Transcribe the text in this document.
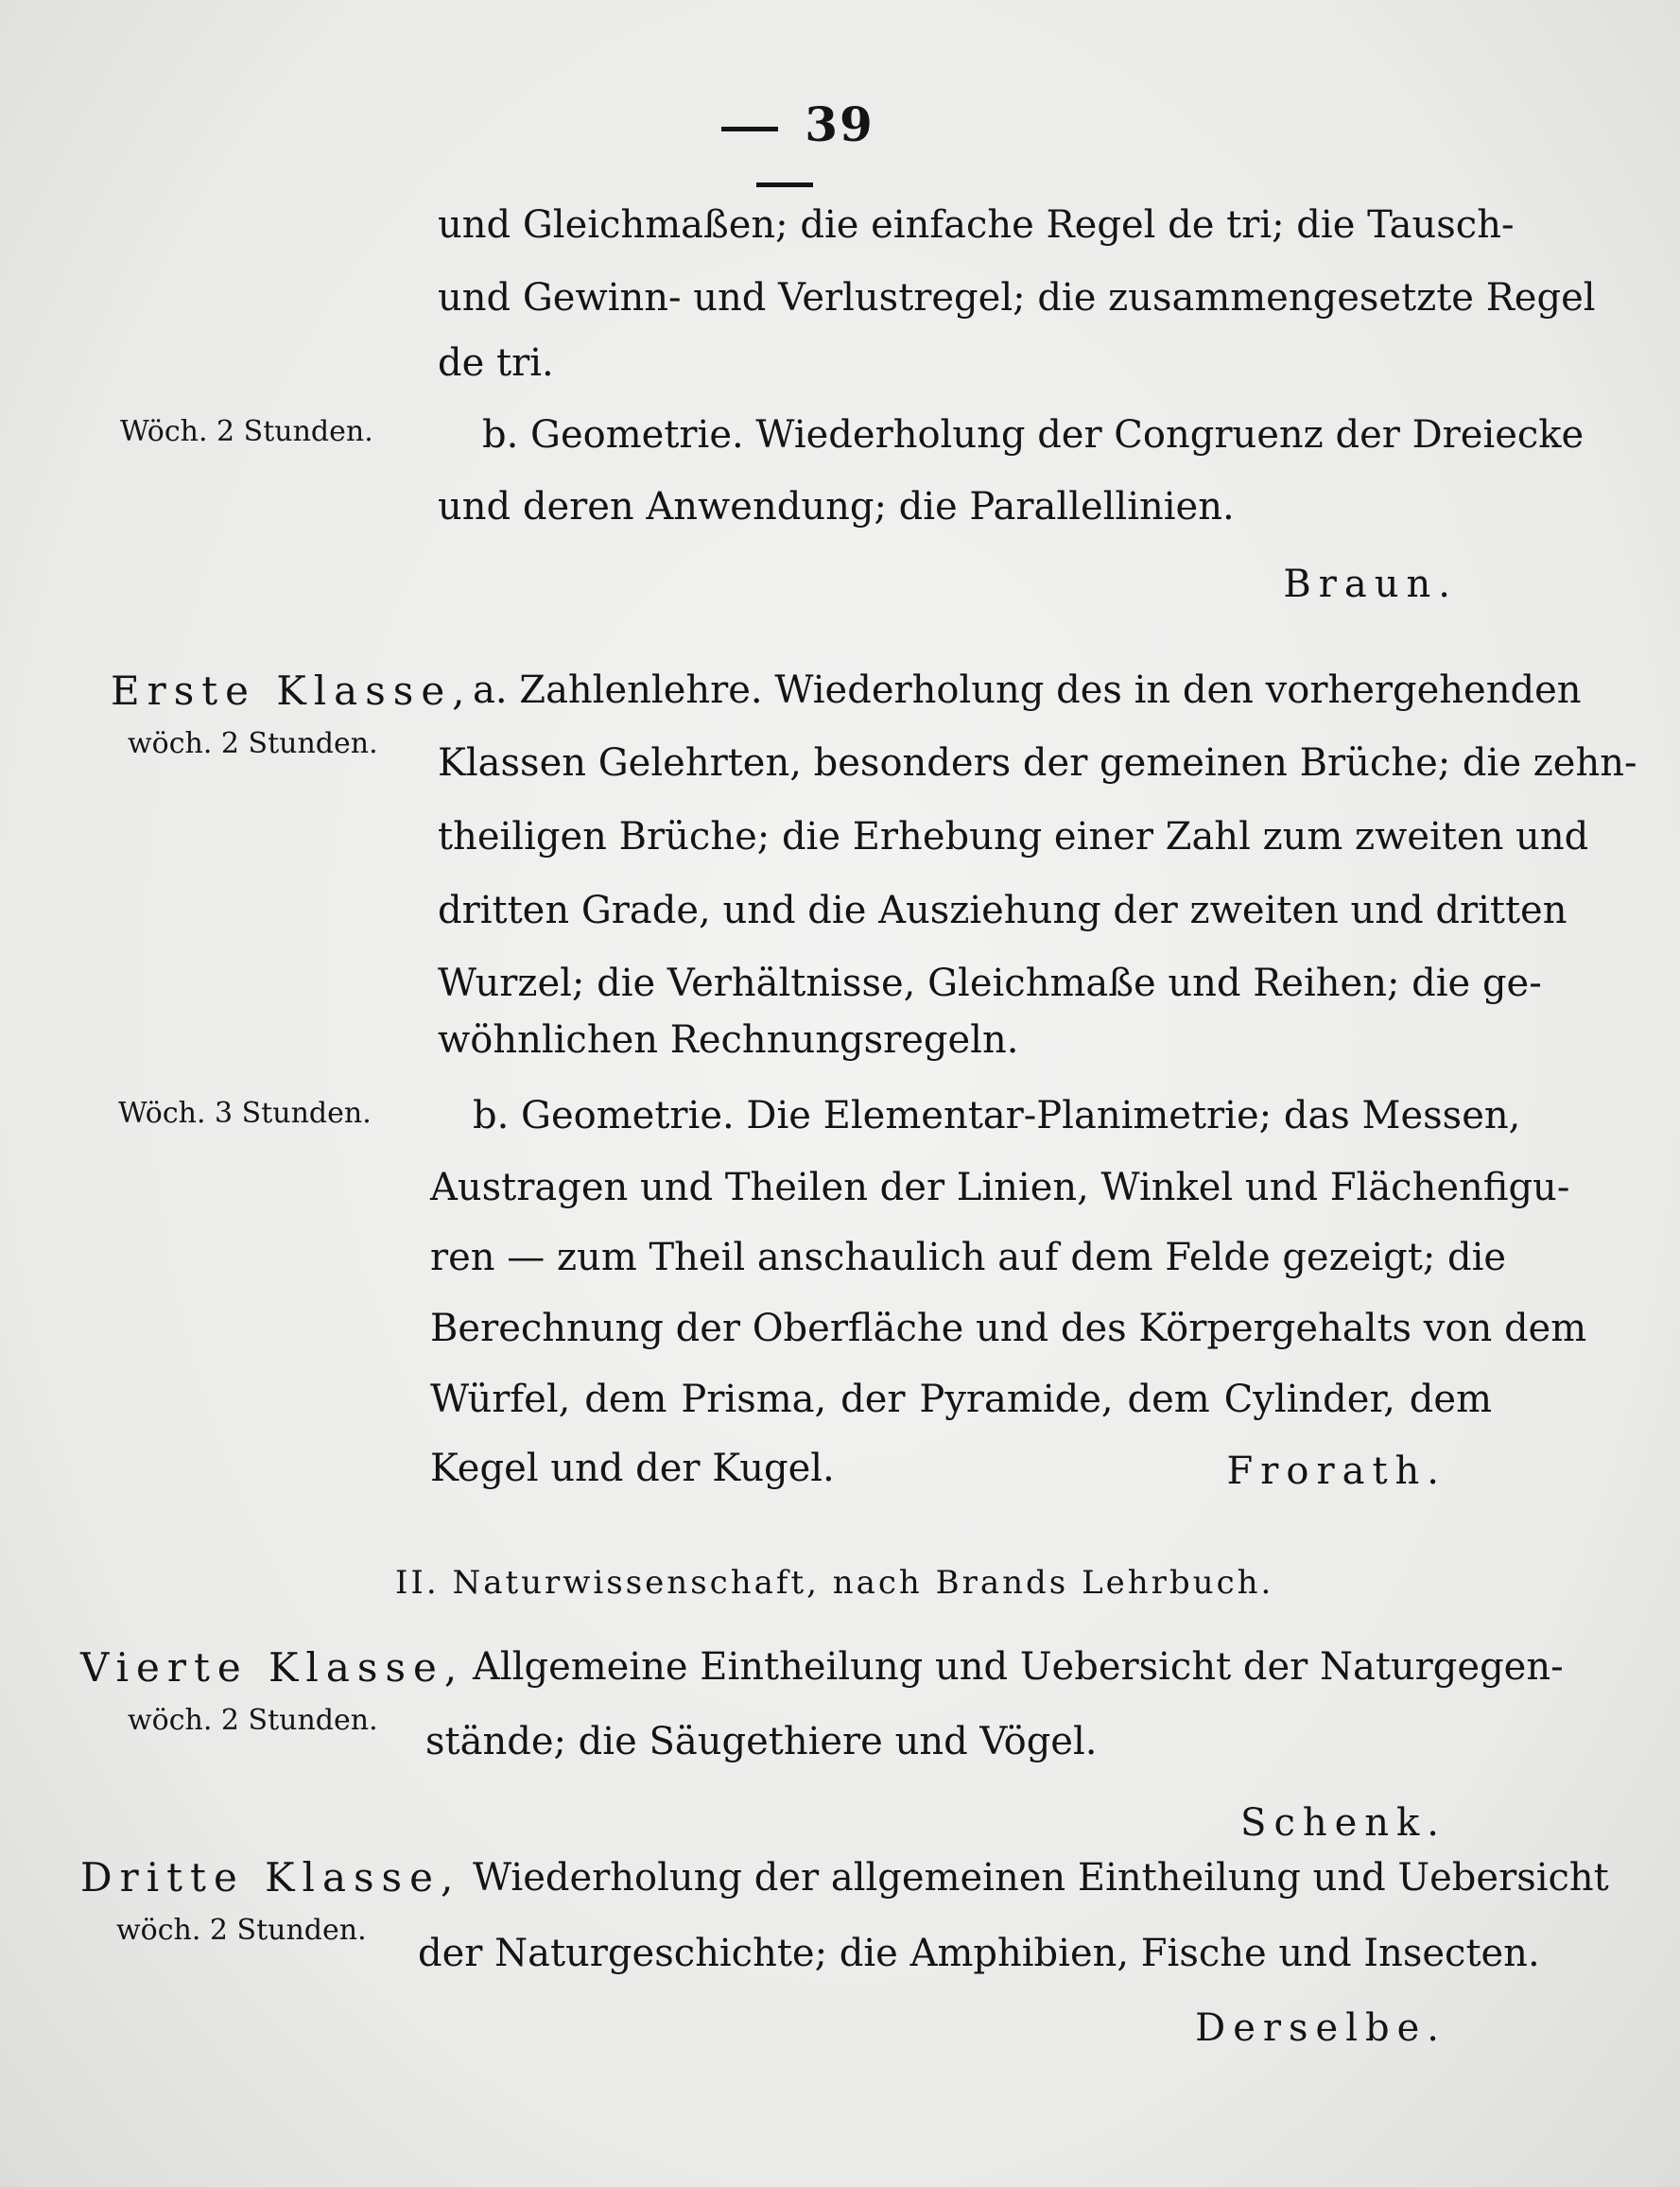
39
und Gleichmaßen; die einfache Regel de tri; die Tausch-
und Gewinn- und Verlustregel; die zusammengesetzte Regel
de tri.
Wöch. 2 Stunden.	b. Geometrie. Wiederholung der Congruenz der Dreiecke
und deren Anwendung; die Parallellinien.
Braun.
Erste Klasse,
wöch. 2 Stunden.
a. Zahlenlehre. Wiederholung des in den vorhergehenden
Klassen Gelehrten, besonders der gemeinen Brüche; die zehn-
theiligen Brüche; die Erhebung einer Zahl zum zweiten und
dritten Grade, und die Ausziehung der zweiten und dritten
Wurzel; die Verhältnisse, Gleichmaße und Reihen; die ge-
wöhnlichen Rechnungsregeln.
Wöch. 3 Stunden.	b. Geometrie. Die Elementar-Planimetrie; das Messen,
Austragen und Theilen der Linien, Winkel und Flächenfigu-
ren — zum Theil anschaulich auf dem Felde gezeigt; die
Berechnung der Oberfläche und des Körpergehalts von dem
Würfel, dem Prisma, der Pyramide, dem Cylinder, dem
Kegel und der Kugel.	Frorath.
II. Naturwissenschaft, nach Brands Lehrbuch.
Vierte Klasse,
wöch. 2 Stunden.
Allgemeine Eintheilung und Uebersicht der Naturgegen-
stände; die Säugethiere und Vögel.
Schenk.
Dritte Klasse,
wöch. 2 Stunden.
Wiederholung der allgemeinen Eintheilung und Uebersicht
der Naturgeschichte; die Amphibien, Fische und Insecten.
Derselbe.
